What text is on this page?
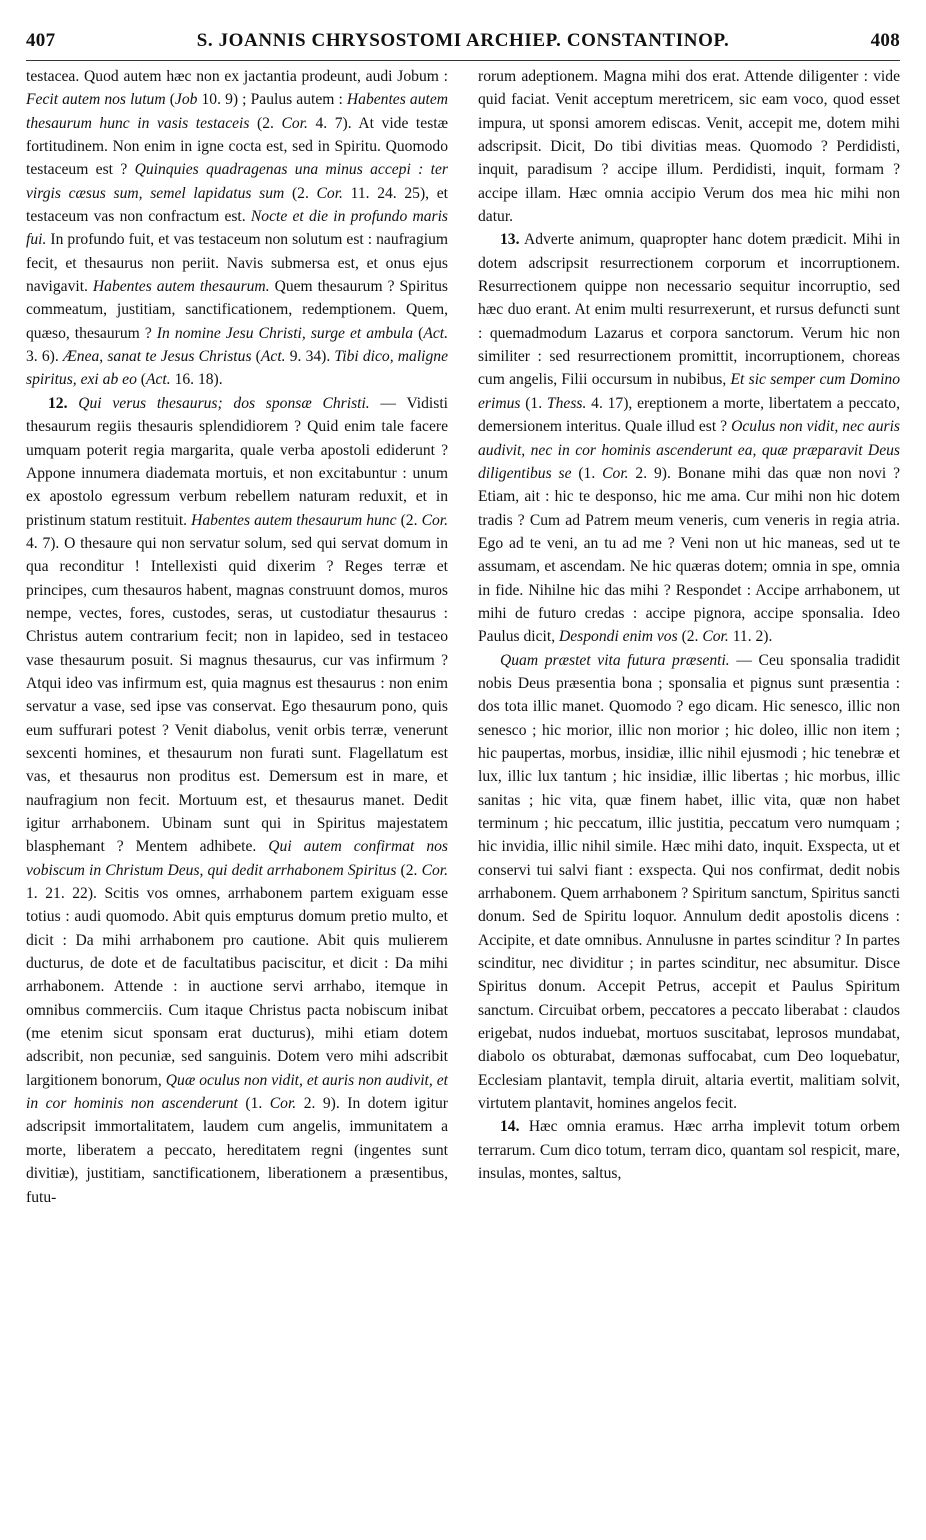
407	S. JOANNIS CHRYSOSTOMI ARCHIEP. CONSTANTINOP.	408

testacea. Quod autem hæc non ex jactantia prodeunt, audi Jobum : Fecit autem nos lutum (Job 10. 9) ; Paulus autem : Habentes autem thesaurum hunc in vasis testaceis (2. Cor. 4. 7). At vide testæ fortitudinem. Non enim in igne cocta est, sed in Spiritu. Quomodo testaceum est ? Quinquies quadragenas una minus accepi : ter virgis cæsus sum, semel lapidatus sum (2. Cor. 11. 24. 25), et testaceum vas non confractum est. Nocte et die in profundo maris fui. In profundo fuit, et vas testaceum non solutum est : naufragium fecit, et thesaurus non periit. Navis submersa est, et onus ejus navigavit. Habentes autem thesaurum. Quem thesaurum ? Spiritus commeatum, justitiam, sanctificationem, redemptionem. Quem, quæso, thesaurum ? In nomine Jesu Christi, surge et ambula (Act. 3. 6). Ænea, sanat te Jesus Christus (Act. 9. 34). Tibi dico, maligne spiritus, exi ab eo (Act. 16. 18).

12. Qui verus thesaurus; dos sponsæ Christi. — Vidisti thesaurum regiis thesauris splendidiorem ? Quid enim tale facere umquam poterit regia margarita, quale verba apostoli ediderunt ? Appone innumera diademata mortuis, et non excitabuntur : unum ex apostolo egressum verbum rebellem naturam reduxit, et in pristinum statum restituit. Habentes autem thesaurum hunc (2. Cor. 4. 7). O thesaure qui non servatur solum, sed qui servat domum in qua reconditur ! Intellexisti quid dixerim ? Reges terræ et principes, cum thesauros habent, magnas construunt domos, muros nempe, vectes, fores, custodes, seras, ut custodiatur thesaurus : Christus autem contrarium fecit; non in lapideo, sed in testaceo vase thesaurum posuit. Si magnus thesaurus, cur vas infirmum ? Atqui ideo vas infirmum est, quia magnus est thesaurus : non enim servatur a vase, sed ipse vas conservat. Ego thesaurum pono, quis eum suffurari potest ? Venit diabolus, venit orbis terræ, venerunt sexcenti homines, et thesaurum non furati sunt. Flagellatum est vas, et thesaurus non proditus est. Demersum est in mare, et naufragium non fecit. Mortuum est, et thesaurus manet. Dedit igitur arrhabonem. Ubinam sunt qui in Spiritus majestatem blasphemant ? Mentem adhibete. Qui autem confirmat nos vobiscum in Christum Deus, qui dedit arrhabonem Spiritus (2. Cor. 1. 21. 22). Scitis vos omnes, arrhabonem partem exiguam esse totius : audi quomodo. Abit quis empturus domum pretio multo, et dicit : Da mihi arrhabonem pro cautione. Abit quis mulierem ducturus, de dote et de facultatibus paciscitur, et dicit : Da mihi arrhabonem. Attende : in auctione servi arrhabo, itemque in omnibus commerciis. Cum itaque Christus pacta nobiscum inibat (me etenim sicut sponsam erat ducturus), mihi etiam dotem adscribit, non pecuniæ, sed sanguinis. Dotem vero mihi adscribit largitionem bonorum, Quæ oculus non vidit, et auris non audivit, et in cor hominis non ascenderunt (1. Cor. 2. 9). In dotem igitur adscripsit immortalitatem, laudem cum angelis, immunitatem a morte, liberatem a peccato, hereditatem regni (ingentes sunt divitiæ), justitiam, sanctificationem, liberationem a præsentibus, futu-

rorum adeptionem. Magna mihi dos erat. Attende diligenter : vide quid faciat. Venit acceptum meretricem, sic eam voco, quod esset impura, ut sponsi amorem ediscas. Venit, accepit me, dotem mihi adscripsit. Dicit, Do tibi divitias meas. Quomodo ? Perdidisti, inquit, paradisum ? accipe illum. Perdidisti, inquit, formam ? accipe illam. Hæc omnia accipio Verum dos mea hic mihi non datur.

13. Adverte animum, quapropter hanc dotem prædicit. Mihi in dotem adscripsit resurrectionem corporum et incorruptionem. Resurrectionem quippe non necessario sequitur incorruptio, sed hæc duo erant. At enim multi resurrexerunt, et rursus defuncti sunt : quemadmodum Lazarus et corpora sanctorum. Verum hic non similiter : sed resurrectionem promittit, incorruptionem, choreas cum angelis, Filii occursum in nubibus, Et sic semper cum Domino erimus (1. Thess. 4. 17), ereptionem a morte, libertatem a peccato, demersionem interitus. Quale illud est ? Oculus non vidit, nec auris audivit, nec in cor hominis ascenderunt ea, quæ præparavit Deus diligentibus se (1. Cor. 2. 9). Bonane mihi das quæ non novi ? Etiam, ait : hic te desponso, hic me ama. Cur mihi non hic dotem tradis ? Cum ad Patrem meum veneris, cum veneris in regia atria. Ego ad te veni, an tu ad me ? Veni non ut hic maneas, sed ut te assumam, et ascendam. Ne hic quæras dotem; omnia in spe, omnia in fide. Nihilne hic das mihi ? Respondet : Accipe arrhabonem, ut mihi de futuro credas : accipe pignora, accipe sponsalia. Ideo Paulus dicit, Despondi enim vos (2. Cor. 11. 2).

Quam præstet vita futura præsenti. — Ceu sponsalia tradidit nobis Deus præsentia bona ; sponsalia et pignus sunt præsentia : dos tota illic manet. Quomodo ? ego dicam. Hic senesco, illic non senesco ; hic morior, illic non morior ; hic doleo, illic non item ; hic paupertas, morbus, insidiæ, illic nihil ejusmodi ; hic tenebræ et lux, illic lux tantum ; hic insidiæ, illic libertas ; hic morbus, illic sanitas ; hic vita, quæ finem habet, illic vita, quæ non habet terminum ; hic peccatum, illic justitia, peccatum vero numquam ; hic invidia, illic nihil simile. Hæc mihi dato, inquit. Exspecta, ut et conservi tui salvi fiant : exspecta. Qui nos confirmat, dedit nobis arrhabonem. Quem arrhabonem ? Spiritum sanctum, Spiritus sancti donum. Sed de Spiritu loquor. Annulum dedit apostolis dicens : Accipite, et date omnibus. Annulusne in partes scinditur ? In partes scinditur, nec dividitur ; in partes scinditur, nec absumitur. Disce Spiritus donum. Accepit Petrus, accepit et Paulus Spiritum sanctum. Circuibat orbem, peccatores a peccato liberabat : claudos erigebat, nudos induebat, mortuos suscitabat, leprosos mundabat, diabolo os obturabat, dæmonas suffocabat, cum Deo loquebatur, Ecclesiam plantavit, templa diruit, altaria evertit, malitiam solvit, virtutem plantavit, homines angelos fecit.

14. Hæc omnia eramus. Hæc arrha implevit totum orbem terrarum. Cum dico totum, terram dico, quantam sol respicit, mare, insulas, montes, saltus,
